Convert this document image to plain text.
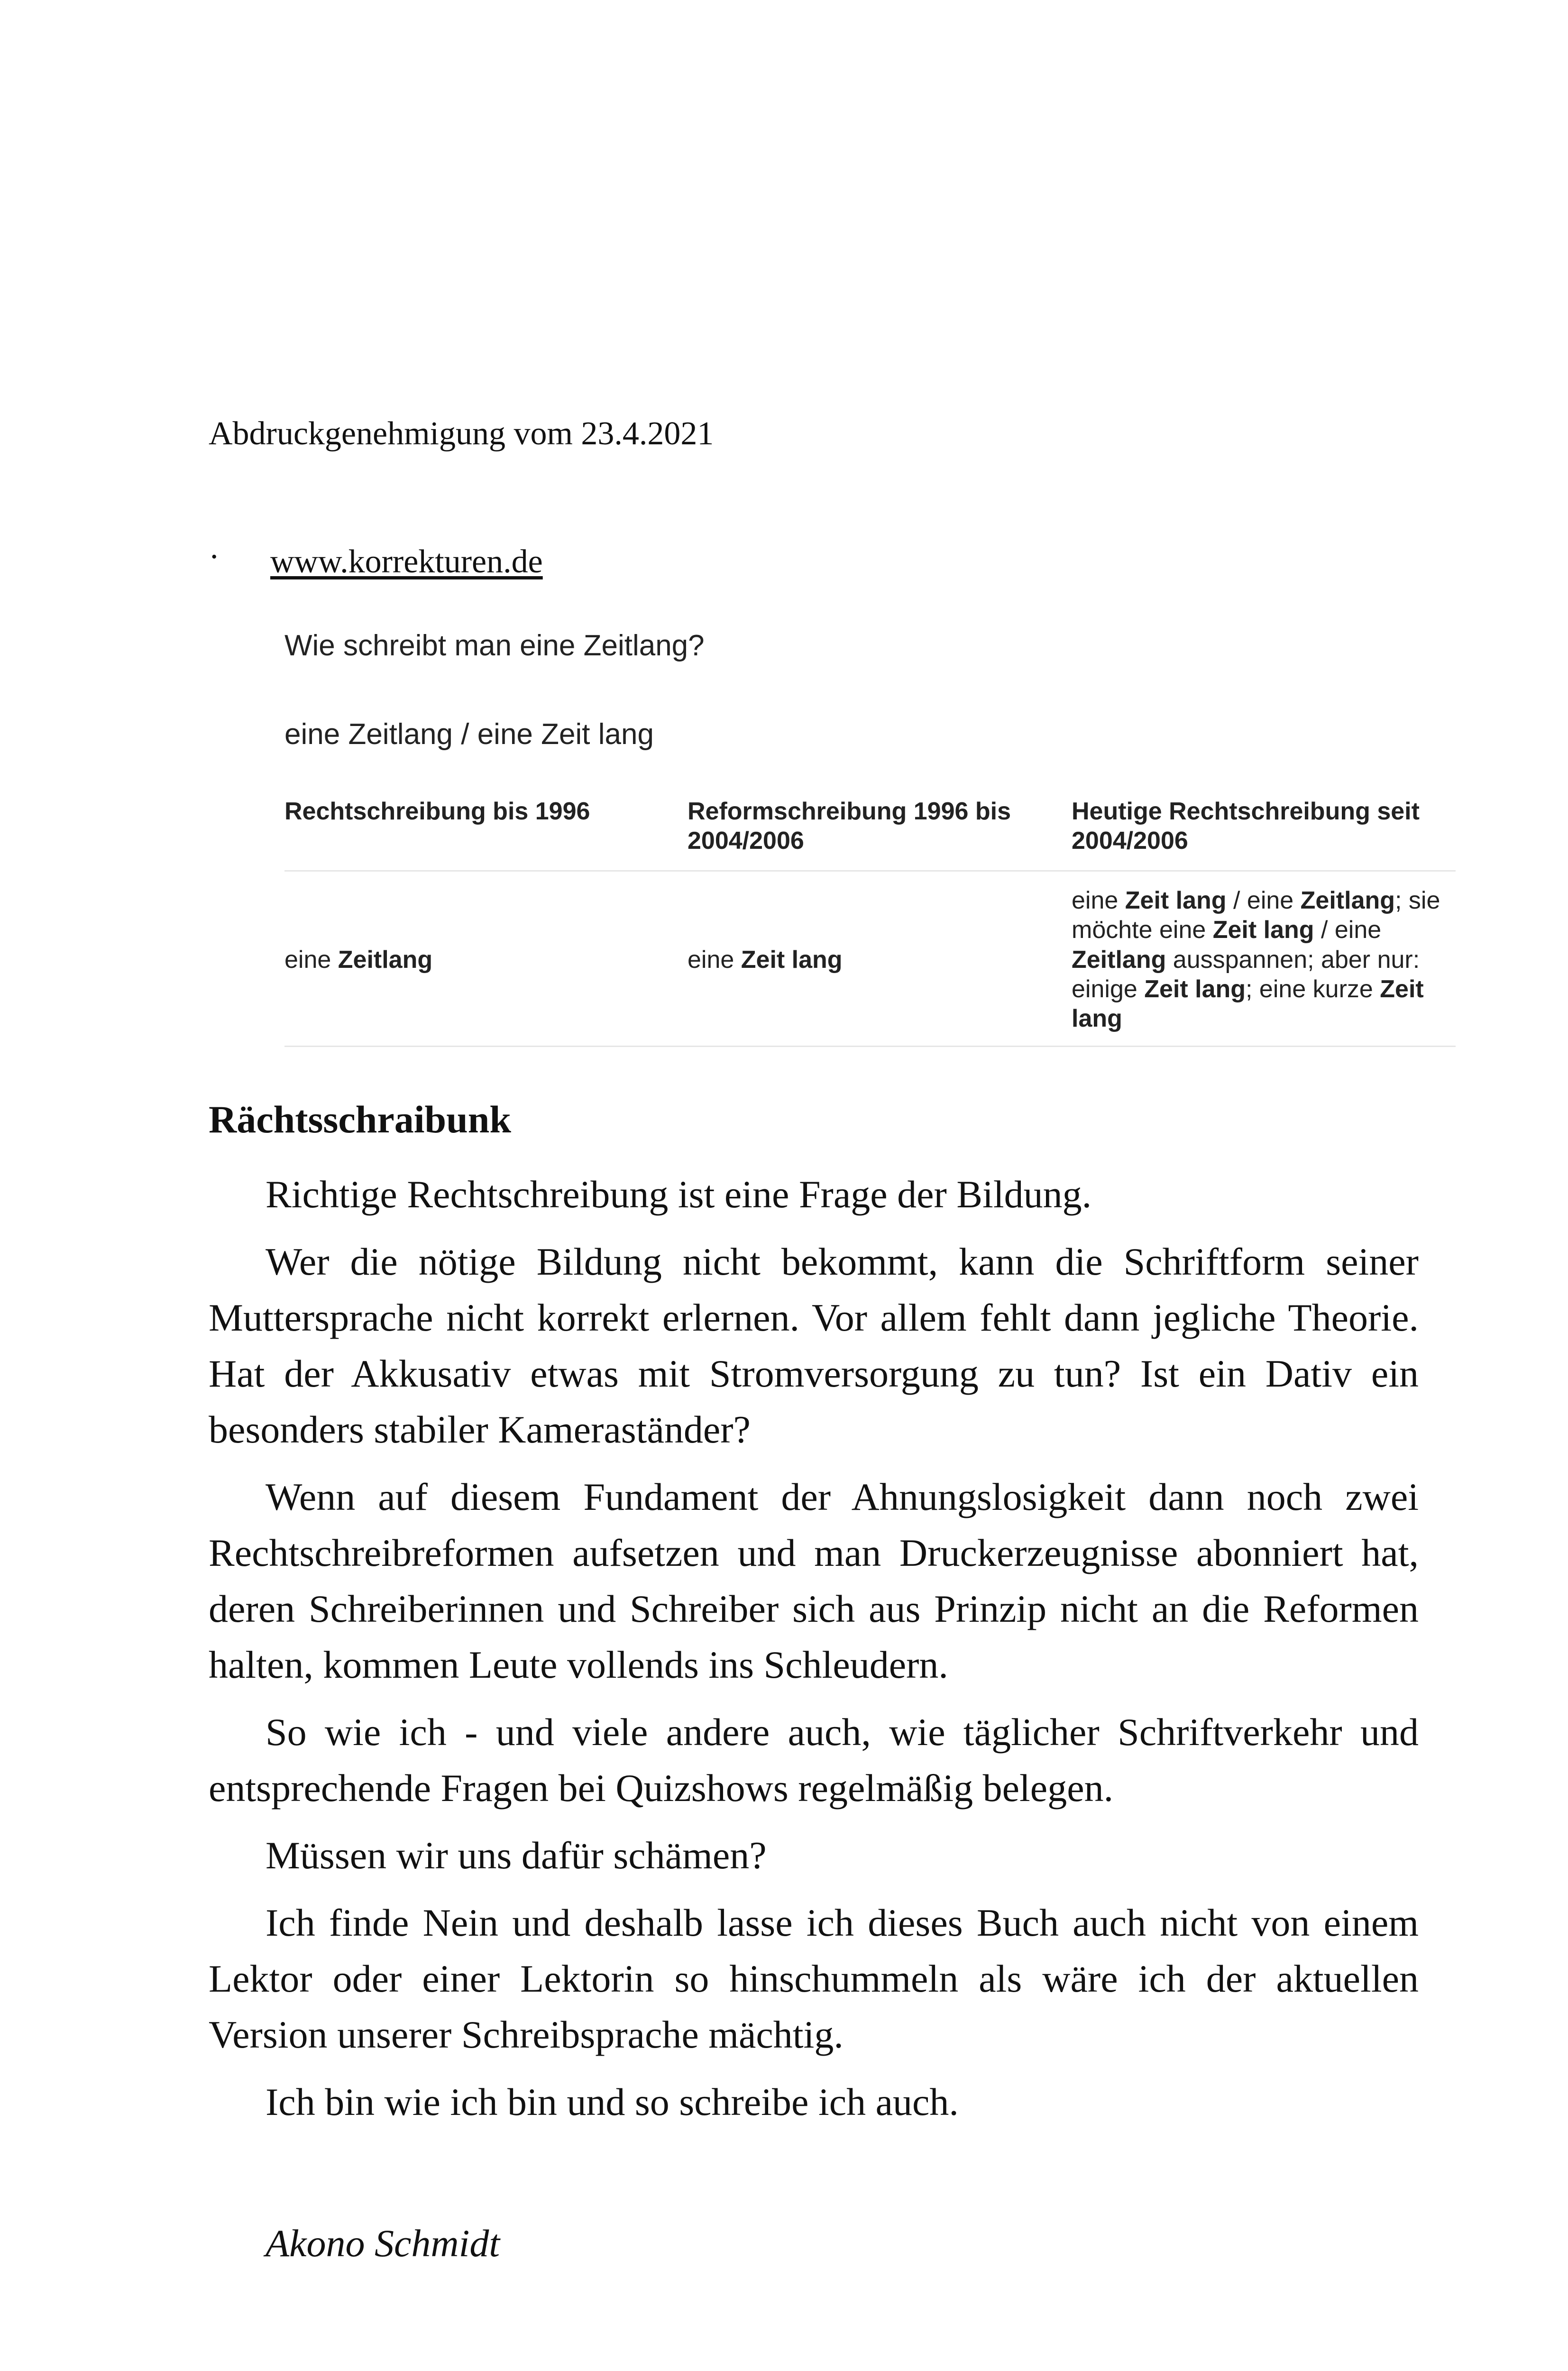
Abdruckgenehmigung vom 23.4.2021
· www.korrekturen.de
Wie schreibt man eine Zeitlang?
eine Zeitlang / eine Zeit lang
Rechtschreibung bis 1996	Reformschreibung 1996 bis 2004/2006	Heutige Rechtschreibung seit 2004/2006
eine Zeitlang	eine Zeit lang	eine Zeit lang / eine Zeitlang; sie möchte eine Zeit lang / eine Zeitlang ausspannen; aber nur: einige Zeit lang; eine kurze Zeit lang
Rächtsschraibunk

Richtige Rechtschreibung ist eine Frage der Bildung.

Wer die nötige Bildung nicht bekommt, kann die Schriftform seiner Muttersprache nicht korrekt erlernen. Vor allem fehlt dann jegliche Theorie. Hat der Akkusativ etwas mit Stromversorgung zu tun? Ist ein Dativ ein besonders stabiler Kameraständer?

Wenn auf diesem Fundament der Ahnungslosigkeit dann noch zwei Rechtschreibreformen aufsetzen und man Druckerzeugnisse abonniert hat, deren Schreiberinnen und Schreiber sich aus Prinzip nicht an die Reformen halten, kommen Leute vollends ins Schleudern.

So wie ich - und viele andere auch, wie täglicher Schriftverkehr und entsprechende Fragen bei Quizshows regelmäßig belegen.

Müssen wir uns dafür schämen?

Ich finde Nein und deshalb lasse ich dieses Buch auch nicht von einem Lektor oder einer Lektorin so hinschummeln als wäre ich der aktuellen Version unserer Schreibsprache mächtig.

Ich bin wie ich bin und so schreibe ich auch.

Akono Schmidt
